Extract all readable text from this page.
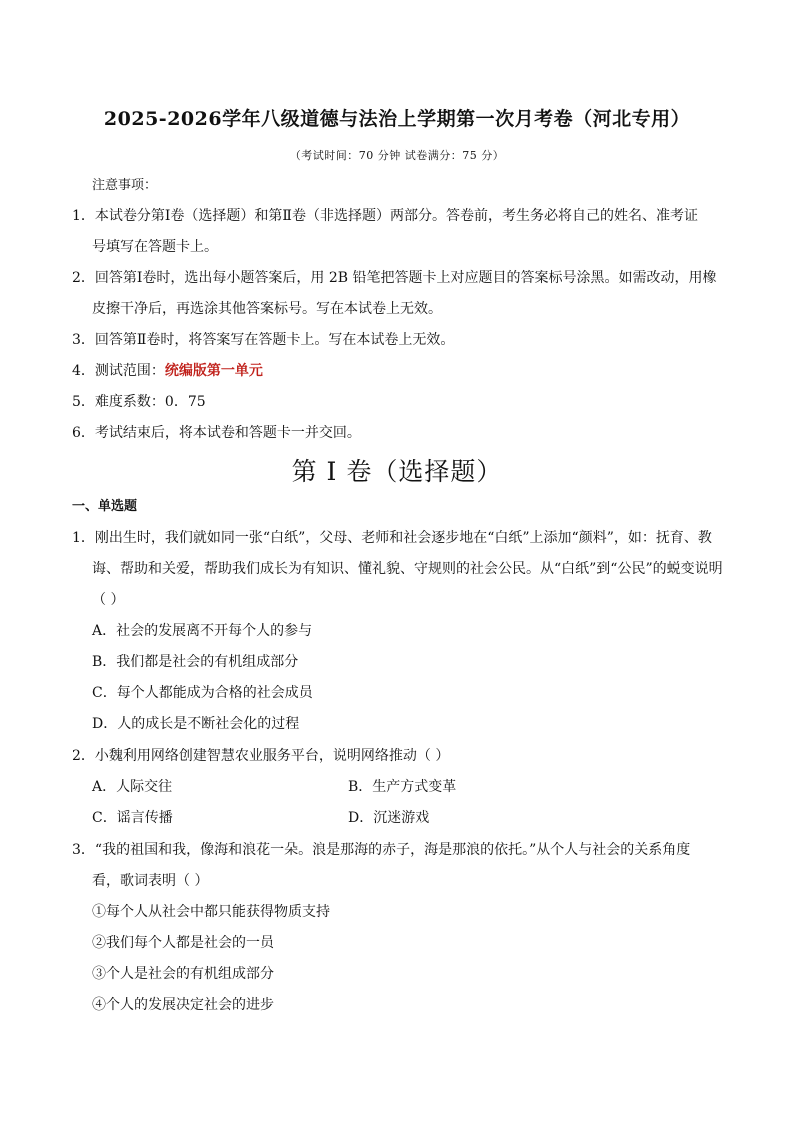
2025-2026学年八级道德与法治上学期第一次月考卷（河北专用）
（考试时间：70 分钟 试卷满分：75 分）
注意事项：
1．本试卷分第Ⅰ卷（选择题）和第Ⅱ卷（非选择题）两部分。答卷前，考生务必将自己的姓名、准考证
号填写在答题卡上。
2．回答第Ⅰ卷时，选出每小题答案后，用 2B 铅笔把答题卡上对应题目的答案标号涂黑。如需改动，用橡
皮擦干净后，再选涂其他答案标号。写在本试卷上无效。
3．回答第Ⅱ卷时，将答案写在答题卡上。写在本试卷上无效。
4．测试范围：统编版第一单元
5．难度系数：0．75
6．考试结束后，将本试卷和答题卡一并交回。
第 I 卷（选择题）
一、单选题
1．刚出生时，我们就如同一张“白纸”，父母、老师和社会逐步地在“白纸”上添加“颜料”，如：抚育、教
诲、帮助和关爱，帮助我们成长为有知识、懂礼貌、守规则的社会公民。从“白纸”到“公民”的蜕变说明
（ ）
A．社会的发展离不开每个人的参与
B．我们都是社会的有机组成部分
C．每个人都能成为合格的社会成员
D．人的成长是不断社会化的过程
2．小魏利用网络创建智慧农业服务平台，说明网络推动（ ）
A．人际交往	B．生产方式变革
C．谣言传播	D．沉迷游戏
3．“我的祖国和我，像海和浪花一朵。浪是那海的赤子，海是那浪的依托。”从个人与社会的关系角度
看，歌词表明（ ）
①每个人从社会中都只能获得物质支持
②我们每个人都是社会的一员
③个人是社会的有机组成部分
④个人的发展决定社会的进步
